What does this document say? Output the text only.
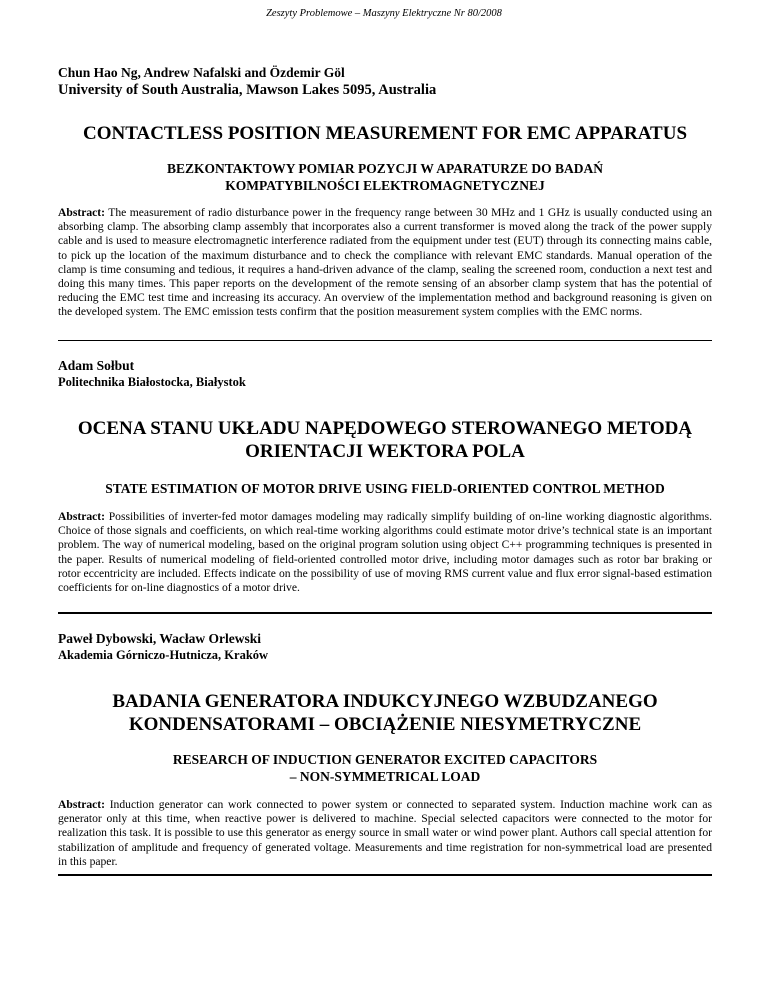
Zeszyty Problemowe – Maszyny Elektryczne Nr 80/2008
Chun Hao Ng, Andrew Nafalski and Özdemir Göl
University of South Australia, Mawson Lakes 5095, Australia
CONTACTLESS POSITION MEASUREMENT FOR EMC APPARATUS
BEZKONTAKTOWY POMIAR POZYCJI W APARATURZE DO BADAŃ
KOMPATYBILNOŚCI ELEKTROMAGNETYCZNEJ
Abstract: The measurement of radio disturbance power in the frequency range between 30 MHz and 1 GHz is usually conducted using an absorbing clamp. The absorbing clamp assembly that incorporates also a current transformer is moved along the track of the power supply cable and is used to measure electromagnetic interference radiated from the equipment under test (EUT) through its connecting mains cable, to pick up the location of the maximum disturbance and to check the compliance with relevant EMC standards. Manual operation of the clamp is time consuming and tedious, it requires a hand-driven advance of the clamp, sealing the screened room, conduction a next test and doing this many times. This paper reports on the development of the remote sensing of an absorber clamp system that has the potential of reducing the EMC test time and increasing its accuracy. An overview of the implementation method and background reasoning is given on the developed system. The EMC emission tests confirm that the position measurement system complies with the EMC norms.
Adam Sołbut
Politechnika Białostocka, Białystok
OCENA STANU UKŁADU NAPĘDOWEGO STEROWANEGO METODĄ
ORIENTACJI WEKTORA POLA
STATE ESTIMATION OF MOTOR DRIVE USING FIELD-ORIENTED CONTROL METHOD
Abstract: Possibilities of inverter-fed motor damages modeling may radically simplify building of on-line working diagnostic algorithms. Choice of those signals and coefficients, on which real-time working algorithms could estimate motor drive’s technical state is an important problem. The way of numerical modeling, based on the original program solution using object C++ programming techniques is presented in the paper. Results of numerical modeling of field-oriented controlled motor drive, including motor damages such as rotor bar braking or rotor eccentricity are included. Effects indicate on the possibility of use of moving RMS current value and flux error signal-based estimation coefficients for on-line diagnostics of a motor drive.
Paweł Dybowski, Wacław Orlewski
Akademia Górniczo-Hutnicza, Kraków
BADANIA GENERATORA INDUKCYJNEGO WZBUDZANEGO
KONDENSATORAMI – OBCIĄŻENIE NIESYMETRYCZNE
RESEARCH OF INDUCTION GENERATOR EXCITED CAPACITORS
– NON-SYMMETRICAL LOAD
Abstract: Induction generator can work connected to power system or connected to separated system. Induction machine work can as generator only at this time, when reactive power is delivered to machine. Special selected capacitors were connected to the motor for realization this task. It is possible to use this generator as energy source in small water or wind power plant. Authors call special attention for stabilization of amplitude and frequency of generated voltage. Measurements and time registration for non-symmetrical load are presented in this paper.
